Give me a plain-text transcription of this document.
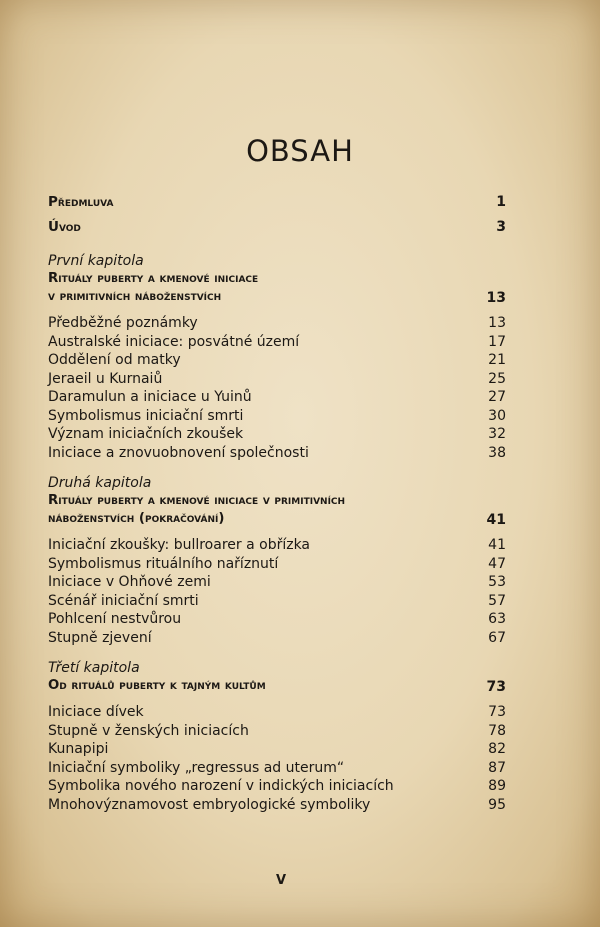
OBSAH
Předmluva	1
Úvod	3
První kapitola
Rituály puberty a kmenové iniciace
v primitivních náboženstvích	13
Předběžné poznámky	13
Australské iniciace: posvátné území	17
Oddělení od matky	21
Jeraeil u Kurnaiů	25
Daramulun a iniciace u Yuinů	27
Symbolismus iniciační smrti	30
Význam iniciačních zkoušek	32
Iniciace a znovuobnovení společnosti	38
Druhá kapitola
Rituály puberty a kmenové iniciace v primitivních
náboženstvích (pokračování)	41
Iniciační zkoušky: bullroarer a obřízka	41
Symbolismus rituálního naříznutí	47
Iniciace v Ohňové zemi	53
Scénář iniciační smrti	57
Pohlcení nestvůrou	63
Stupně zjevení	67
Třetí kapitola
Od rituálů puberty k tajným kultům	73
Iniciace dívek	73
Stupně v ženských iniciacích	78
Kunapipi	82
Iniciační symboliky „regressus ad uterum“	87
Symbolika nového narození v indických iniciacích	89
Mnohovýznamovost embryologické symboliky	95
V
